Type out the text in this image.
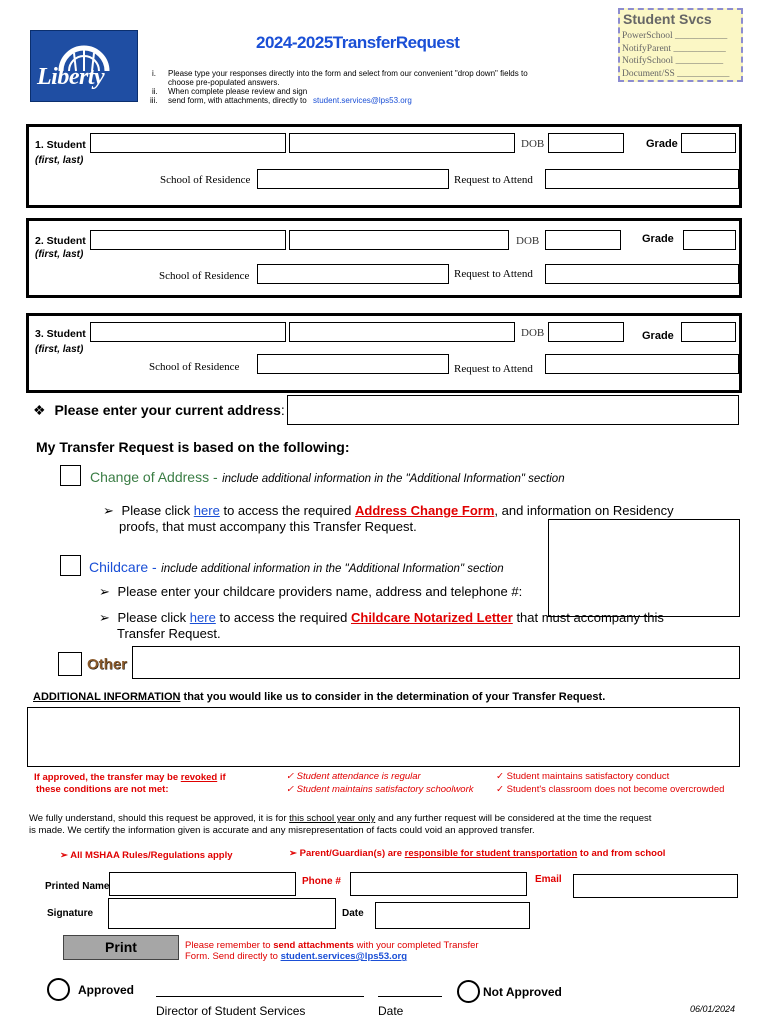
Liberty
2024-2025TransferRequest
i. Please type your responses directly into the form and select from our convenient "drop down" fields to choose pre-populated answers.
ii. When complete please review and sign
iii. send form, with attachments, directly to student.services@lps53.org
Student Svcs
PowerSchool ___________
NotifyParent ___________
NotifySchool __________
Document/SS ___________
1. Student
(first, last)
DOB	Grade
School of Residence	Request to Attend
2. Student
(first, last)
DOB	Grade
School of Residence	Request to Attend
3. Student
(first, last)
DOB	Grade
School of Residence	Request to Attend
❖ Please enter your current address:
My Transfer Request is based on the following:
Change of Address - include additional information in the "Additional Information" section
➢ Please click here to access the required Address Change Form, and information on Residency
proofs, that must accompany this Transfer Request.
Childcare - include additional information in the "Additional Information" section
➢ Please enter your childcare providers name, address and telephone #:
➢ Please click here to access the required Childcare Notarized Letter that must accompany this
Transfer Request.
Other
ADDITIONAL INFORMATION that you would like us to consider in the determination of your Transfer Request.
If approved, the transfer may be revoked if
these conditions are not met:
✓ Student attendance is regular	✓ Student maintains satisfactory conduct
✓ Student maintains satisfactory schoolwork ✓ Student's classroom does not become overcrowded
We fully understand, should this request be approved, it is for this school year only and any further request will be considered at the time the request
is made. We certify the information given is accurate and any misrepresentation of facts could void an approved transfer.
➢ All MSHAA Rules/Regulations apply	➢ Parent/Guardian(s) are responsible for student transportation to and from school
Printed Name	Phone #	Email
Signature	Date
Print	Please remember to send attachments with your completed Transfer
Form. Send directly to student.services@lps53.org
Approved	Not Approved
Director of Student Services	Date	06/01/2024
